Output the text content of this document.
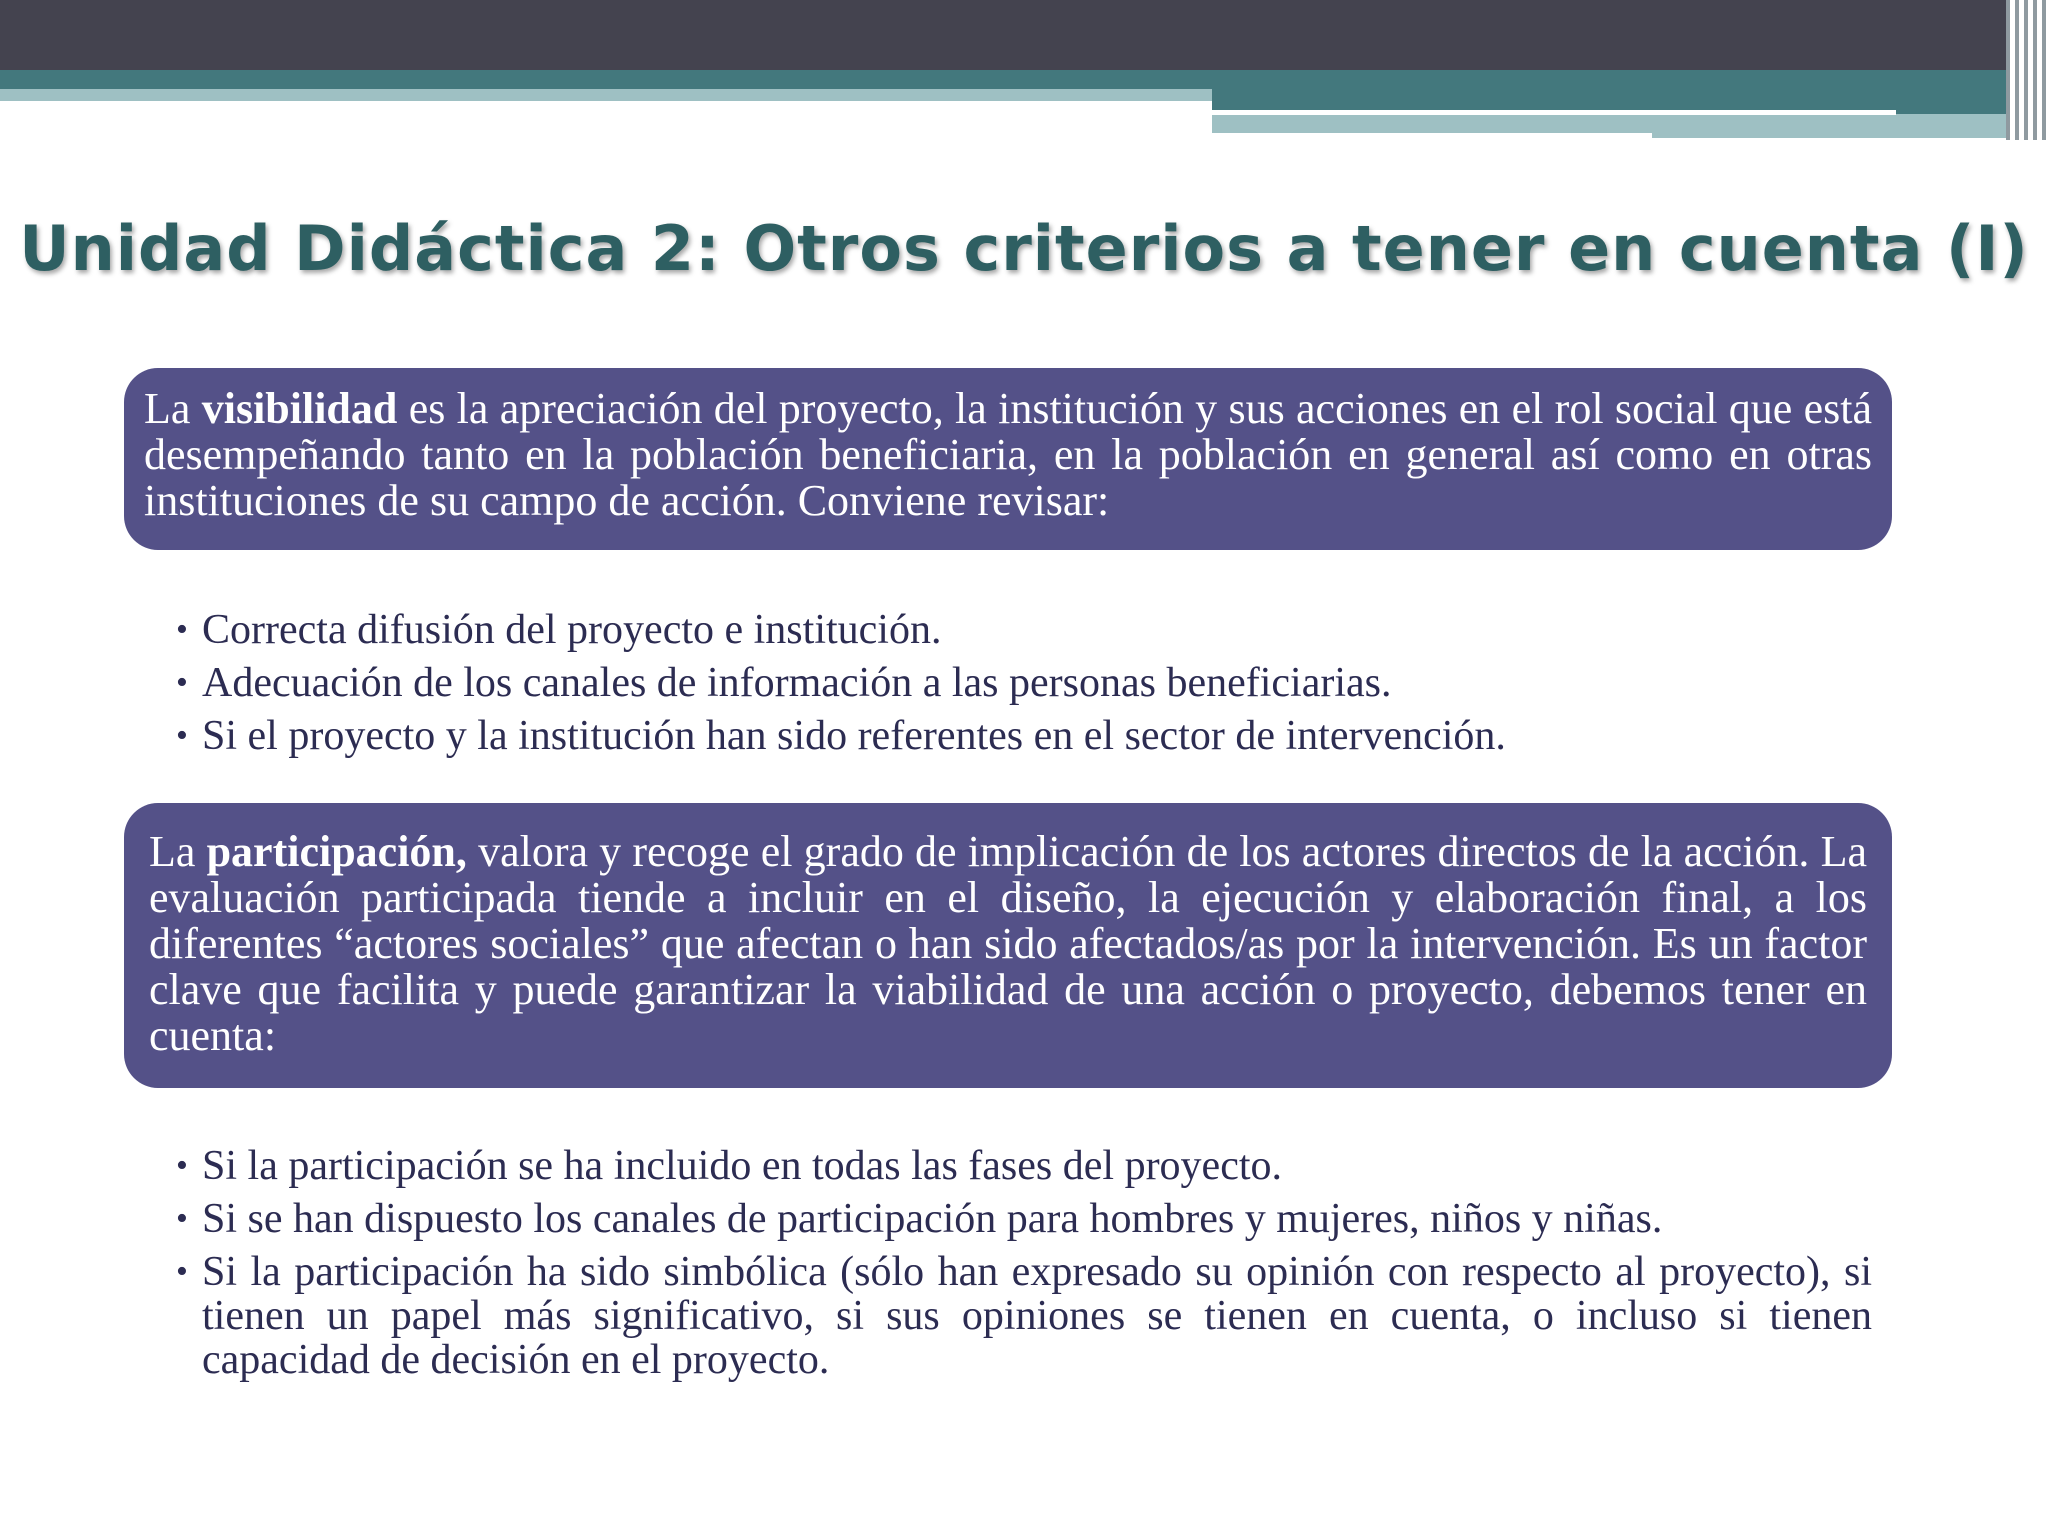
Unidad Didáctica 2: Otros criterios a tener en cuenta (I)
La visibilidad es la apreciación del proyecto, la institución y sus acciones en el rol social que está desempeñando tanto en la población beneficiaria, en la población en general así como en otras instituciones de su campo de acción. Conviene revisar:
• Correcta difusión del proyecto e institución.
• Adecuación de los canales de información a las personas beneficiarias.
• Si el proyecto y la institución han sido referentes en el sector de intervención.
La participación, valora y recoge el grado de implicación de los actores directos de la acción. La evaluación participada tiende a incluir en el diseño, la ejecución y elaboración final, a los diferentes “actores sociales” que afectan o han sido afectados/as por la intervención. Es un factor clave que facilita y puede garantizar la viabilidad de una acción o proyecto, debemos tener en cuenta:
• Si la participación se ha incluido en todas las fases del proyecto.
• Si se han dispuesto los canales de participación para hombres y mujeres, niños y niñas.
• Si la participación ha sido simbólica (sólo han expresado su opinión con respecto al proyecto), si tienen un papel más significativo, si sus opiniones se tienen en cuenta, o incluso si tienen capacidad de decisión en el proyecto.
